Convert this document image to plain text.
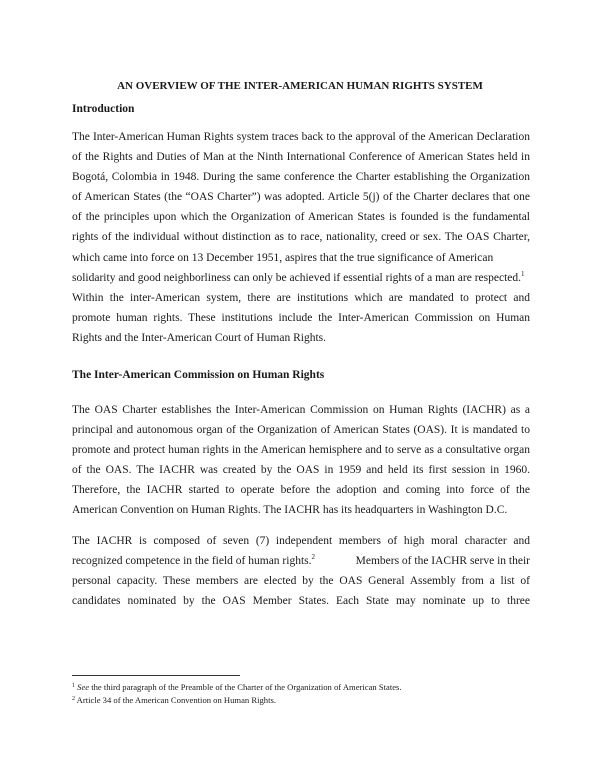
AN OVERVIEW OF THE INTER-AMERICAN HUMAN RIGHTS SYSTEM
Introduction
The Inter-American Human Rights system traces back to the approval of the American Declaration
of the Rights and Duties of Man at the Ninth International Conference of American States held in
Bogotá, Colombia in 1948. During the same conference the Charter establishing the Organization
of American States (the “OAS Charter”) was adopted. Article 5(j) of the Charter declares that one
of the principles upon which the Organization of American States is founded is the fundamental
rights of the individual without distinction as to race, nationality, creed or sex. The OAS Charter,
which came into force on 13 December 1951, aspires that the true significance of American
solidarity and good neighborliness can only be achieved if essential rights of a man are respected.$^1$
Within the inter-American system, there are institutions which are mandated to protect and
promote human rights. These institutions include the Inter-American Commission on Human
Rights and the Inter-American Court of Human Rights.
The Inter-American Commission on Human Rights
The OAS Charter establishes the Inter-American Commission on Human Rights (IACHR) as a
principal and autonomous organ of the Organization of American States (OAS). It is mandated to
promote and protect human rights in the American hemisphere and to serve as a consultative organ
of the OAS. The IACHR was created by the OAS in 1959 and held its first session in 1960.
Therefore, the IACHR started to operate before the adoption and coming into force of the
American Convention on Human Rights. The IACHR has its headquarters in Washington D.C.
The IACHR is composed of seven (7) independent members of high moral character and
recognized competence in the field of human rights.$^2$	Members of the IACHR serve in their
personal capacity. These members are elected by the OAS General Assembly from a list of
candidates nominated by the OAS Member States. Each State may nominate up to three
$^1$ See the third paragraph of the Preamble of the Charter of the Organization of American States.
$^2$ Article 34 of the American Convention on Human Rights.
